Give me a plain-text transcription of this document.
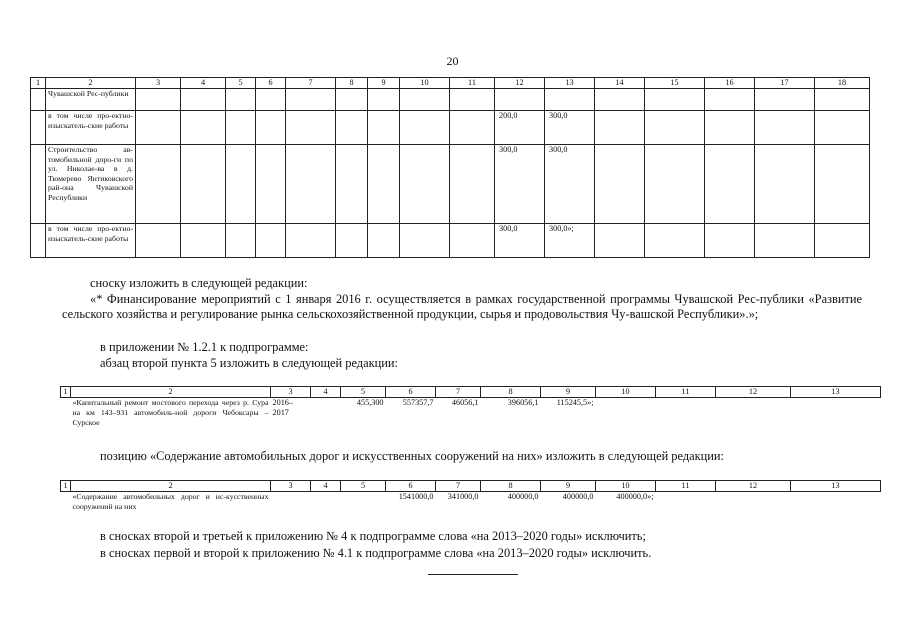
20
1	2	3	4	5	6	7	8	9	10	11	12	13	14	15	16	17	18
	Чувашской Рес-публики																
	в том числе про-ектно-изыскатель-ские работы										200,0	300,0					
	Строительство ав-томобильной доро-ги по ул. Николае-ва в д. Тюмерево Янтиковского рай-она Чувашской Республики										300,0	300,0					
	в том числе про-ектно-изыскатель-ские работы										300,0	300,0»;					
сноску изложить в следующей редакции:
«* Финансирование мероприятий с 1 января 2016 г. осуществляется в рамках государственной программы Чувашской Рес-публики «Развитие сельского хозяйства и регулирование рынка сельскохозяйственной продукции, сырья и продовольствия Чу-вашской Республики».»;
в приложении № 1.2.1 к подпрограмме:
абзац второй пункта 5 изложить в следующей редакции:
1	2	3	4	5	6	7	8	9	10	11	12	13
	«Капитальный ремонт мостового перехода через р. Сура на км 143–931 автомобиль-ной дороги Чебоксары – Сурское	2016–2017		455,300	557357,7	46056,1	396056,1	115245,5»;				
позицию «Содержание автомобильных дорог и искусственных сооружений на них» изложить в следующей редакции:
1	2	3	4	5	6	7	8	9	10	11	12	13
	«Содержание автомобильных дорог и ис-кусственных сооружений на них				1541000,0	341000,0	400000,0	400000,0	400000,0»;			
в сносках второй и третьей к приложению № 4 к подпрограмме слова «на 2013–2020 годы» исключить;
в сносках первой и второй к приложению № 4.1 к подпрограмме слова «на 2013–2020 годы» исключить.
